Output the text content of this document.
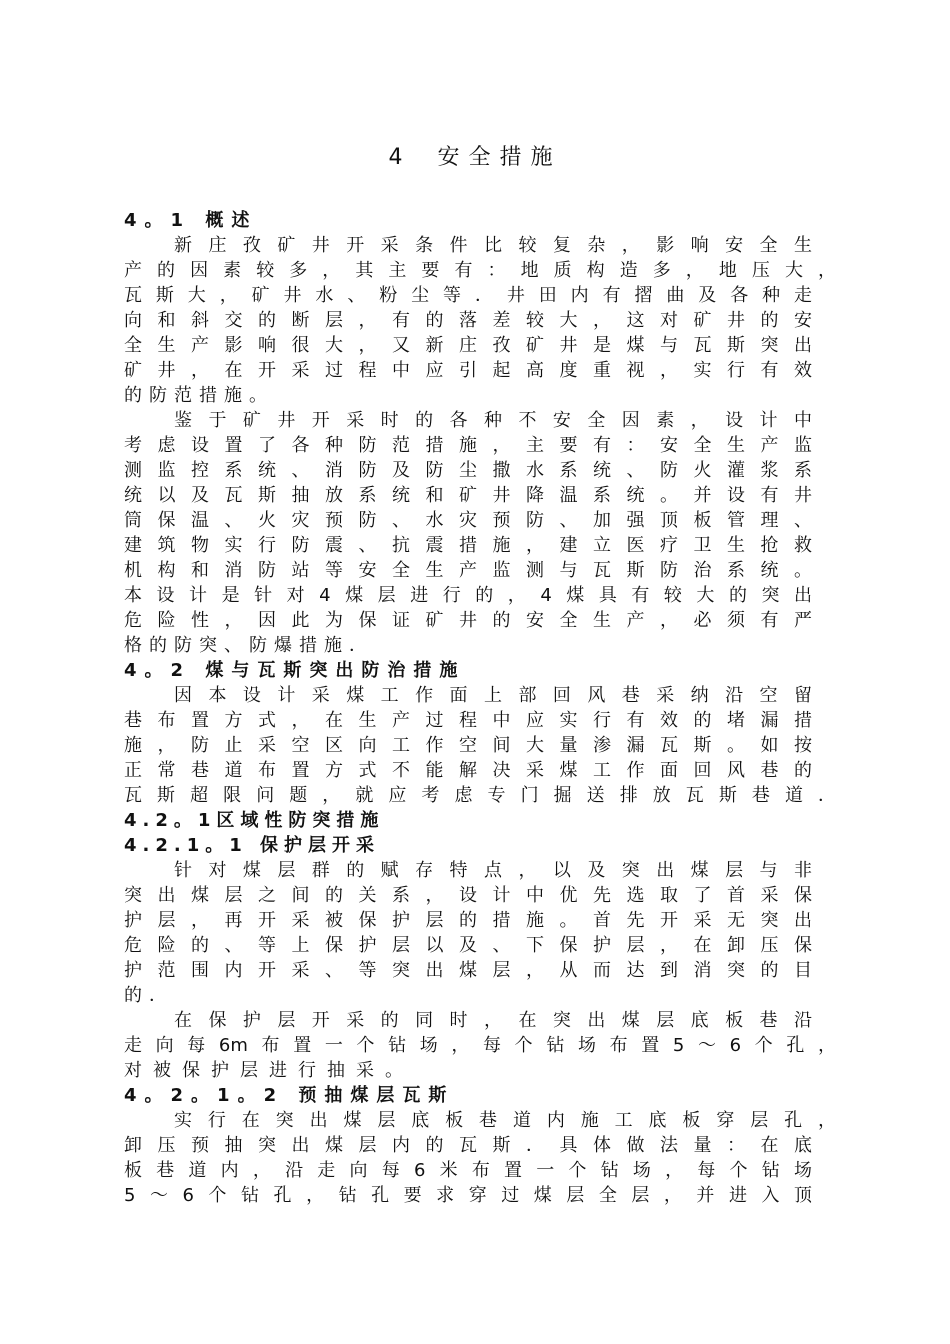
4 安全措施
4。1 概述
新庄孜矿井开采条件比较复杂，影响安全生
产的因素较多，其主要有：地质构造多，地压大，
瓦斯大，矿井水、粉尘等．井田内有摺曲及各种走
向和斜交的断层，有的落差较大，这对矿井的安
全生产影响很大，又新庄孜矿井是煤与瓦斯突出
矿井，在开采过程中应引起高度重视，实行有效
的防范措施。
鉴于矿井开采时的各种不安全因素，设计中
考虑设置了各种防范措施，主要有：安全生产监
测监控系统、消防及防尘撒水系统、防火灌浆系
统以及瓦斯抽放系统和矿井降温系统。并设有井
筒保温、火灾预防、水灾预防、加强顶板管理、
建筑物实行防震、抗震措施，建立医疗卫生抢救
机构和消防站等安全生产监测与瓦斯防治系统。
本设计是针对4煤层进行的，4煤具有较大的突出
危险性，因此为保证矿井的安全生产，必须有严
格的防突、防爆措施．
4。2 煤与瓦斯突出防治措施
因本设计采煤工作面上部回风巷采纳沿空留
巷布置方式，在生产过程中应实行有效的堵漏措
施，防止采空区向工作空间大量渗漏瓦斯。如按
正常巷道布置方式不能解决采煤工作面回风巷的
瓦斯超限问题，就应考虑专门掘送排放瓦斯巷道．
4.2。1区域性防突措施
4.2.1。1 保护层开采
针对煤层群的赋存特点，以及突出煤层与非
突出煤层之间的关系，设计中优先选取了首采保
护层，再开采被保护层的措施。首先开采无突出
危险的、等上保护层以及、下保护层，在卸压保
护范围内开采、等突出煤层，从而达到消突的目
的．
在保护层开采的同时，在突出煤层底板巷沿
走向每6m布置一个钻场，每个钻场布置5～6个孔，
对被保护层进行抽采。
4。2。1。2 预抽煤层瓦斯
实行在突出煤层底板巷道内施工底板穿层孔，
卸压预抽突出煤层内的瓦斯．具体做法量：在底
板巷道内，沿走向每6米布置一个钻场，每个钻场
5～6个钻孔，钻孔要求穿过煤层全层，并进入顶
